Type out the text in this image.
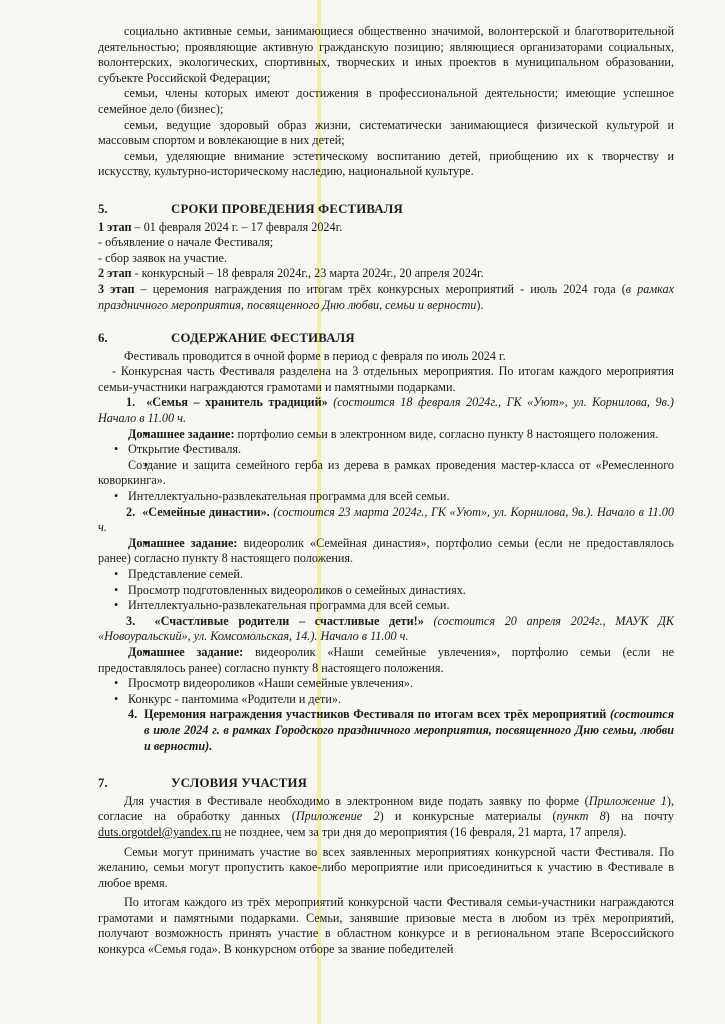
социально активные семьи, занимающиеся общественно значимой, волонтерской и благотворительной деятельностью; проявляющие активную гражданскую позицию; являющиеся организаторами социальных, волонтерских, экологических, спортивных, творческих и иных проектов в муниципальном образовании, субъекте Российской Федерации;

семьи, члены которых имеют достижения в профессиональной деятельности; имеющие успешное семейное дело (бизнес);

семьи, ведущие здоровый образ жизни, систематически занимающиеся физической культурой и массовым спортом и вовлекающие в них детей;

семьи, уделяющие внимание эстетическому воспитанию детей, приобщению их к творчеству и искусству, культурно-историческому наследию, национальной культуре.

5.	СРОКИ ПРОВЕДЕНИЯ ФЕСТИВАЛЯ

1 этап – 01 февраля 2024 г. – 17 февраля 2024г.

- объявление о начале Фестиваля;

- сбор заявок на участие.

2 этап - конкурсный – 18 февраля 2024г., 23 марта 2024г., 20 апреля 2024г.

3 этап – церемония награждения по итогам трёх конкурсных мероприятий - июль 2024 года (в рамках праздничного мероприятия, посвященного Дню любви, семьи и верности).

6.	СОДЕРЖАНИЕ ФЕСТИВАЛЯ

Фестиваль проводится в очной форме в период с февраля по июль 2024 г.

- Конкурсная часть Фестиваля разделена на 3 отдельных мероприятия. По итогам каждого мероприятия семьи-участники награждаются грамотами и памятными подарками.

1. «Семья – хранитель традиций» (состоится 18 февраля 2024г., ГК «Уют», ул. Корнилова, 9в.) Начало в 11.00 ч.

• Домашнее задание: портфолио семьи в электронном виде, согласно пункту 8 настоящего положения.

• Открытие Фестиваля.

• Создание и защита семейного герба из дерева в рамках проведения мастер-класса от «Ремесленного коворкинга».

• Интеллектуально-развлекательная программа для всей семьи.

2. «Семейные династии». (состоится 23 марта 2024г., ГК «Уют», ул. Корнилова, 9в.). Начало в 11.00 ч.

• Домашнее задание: видеоролик «Семейная династия», портфолио семьи (если не предоставлялось ранее) согласно пункту 8 настоящего положения.

• Представление семей.

• Просмотр подготовленных видеороликов о семейных династиях.

• Интеллектуально-развлекательная программа для всей семьи.

3. «Счастливые родители – счастливые дети!» (состоится 20 апреля 2024г., МАУК ДК «Новоуральский», ул. Комсомольская, 14.). Начало в 11.00 ч.

• Домашнее задание: видеоролик «Наши семейные увлечения», портфолио семьи (если не предоставлялось ранее) согласно пункту 8 настоящего положения.

• Просмотр видеороликов «Наши семейные увлечения».

• Конкурс - пантомима «Родители и дети».

4. Церемония награждения участников Фестиваля по итогам всех трёх мероприятий (состоится в июле 2024 г. в рамках Городского праздничного мероприятия, посвященного Дню семьи, любви и верности).

7.	УСЛОВИЯ УЧАСТИЯ

Для участия в Фестивале необходимо в электронном виде подать заявку по форме (Приложение 1), согласие на обработку данных (Приложение 2) и конкурсные материалы (пункт 8) на почту duts.orgotdel@yandex.ru не позднее, чем за три дня до мероприятия (16 февраля, 21 марта, 17 апреля).

Семьи могут принимать участие во всех заявленных мероприятиях конкурсной части Фестиваля. По желанию, семьи могут пропустить какое-либо мероприятие или присоединиться к участию в Фестивале в любое время.

По итогам каждого из трёх мероприятий конкурсной части Фестиваля семьи-участники награждаются грамотами и памятными подарками. Семьи, занявшие призовые места в любом из трёх мероприятий, получают возможность принять участие в областном конкурсе и в региональном этапе Всероссийского конкурса «Семья года». В конкурсном отборе за звание победителей
